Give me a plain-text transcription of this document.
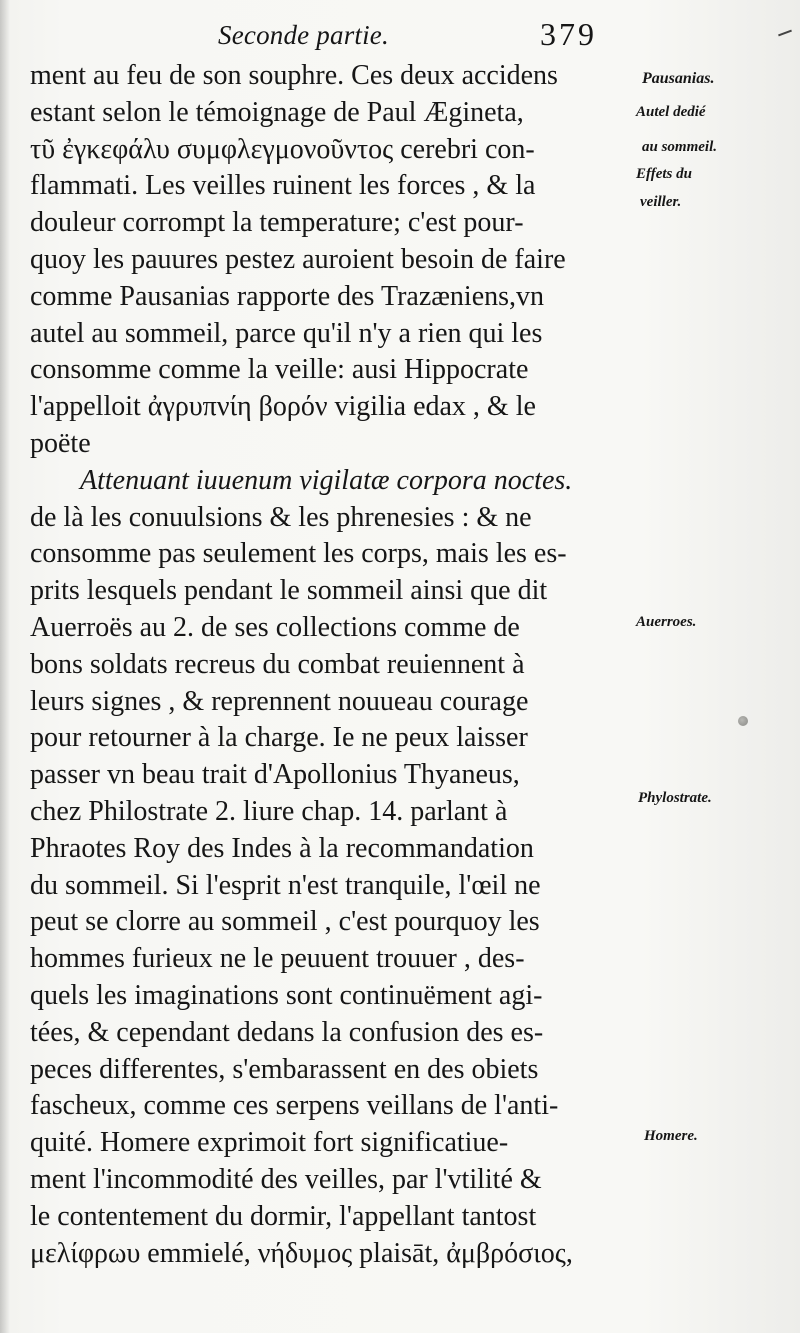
Seconde partie.	379
ment au feu de son souphre. Ces deux accidens
estant selon le témoignage de Paul Ægineta,
τῦ ἐγκεφάλυ συμφλεγμονοῦντος cerebri con-
flammati. Les veilles ruinent les forces , & la
douleur corrompt la temperature; c'est pour-
quoy les pauures pestez auroient besoin de faire
comme Pausanias rapporte des Trazæniens,vn
autel au sommeil, parce qu'il n'y a rien qui les
consomme comme la veille: ausi Hippocrate
l'appelloit ἀγρυπνίη βορόν vigilia edax , & le
poëte
Attenuant iuuenum vigilatæ corpora noctes.
de là les conuulsions & les phrenesies : & ne
consomme pas seulement les corps, mais les es-
prits lesquels pendant le sommeil ainsi que dit
Auerroës au 2. de ses collections comme de
bons soldats recreus du combat reuiennent à
leurs signes , & reprennent nouueau courage
pour retourner à la charge. Ie ne peux laisser
passer vn beau trait d'Apollonius Thyaneus,
chez Philostrate 2. liure chap. 14. parlant à
Phraotes Roy des Indes à la recommandation
du sommeil. Si l'esprit n'est tranquile, l'œil ne
peut se clorre au sommeil , c'est pourquoy les
hommes furieux ne le peuuent trouuer , des-
quels les imaginations sont continuëment agi-
tées, & cependant dedans la confusion des es-
peces differentes, s'embarassent en des obiets
fascheux, comme ces serpens veillans de l'anti-
quité. Homere exprimoit fort significatiue-
ment l'incommodité des veilles, par l'vtilité &
le contentement du dormir, l'appellant tantost
μελίφρωυ emmielé, νήδυμος plaisāt, ἀμβρόσιος,
Pausanias.
Autel dedié
au sommeil.
Effets du
veiller.
Auerroes.
Phylostrate.
Homere.
